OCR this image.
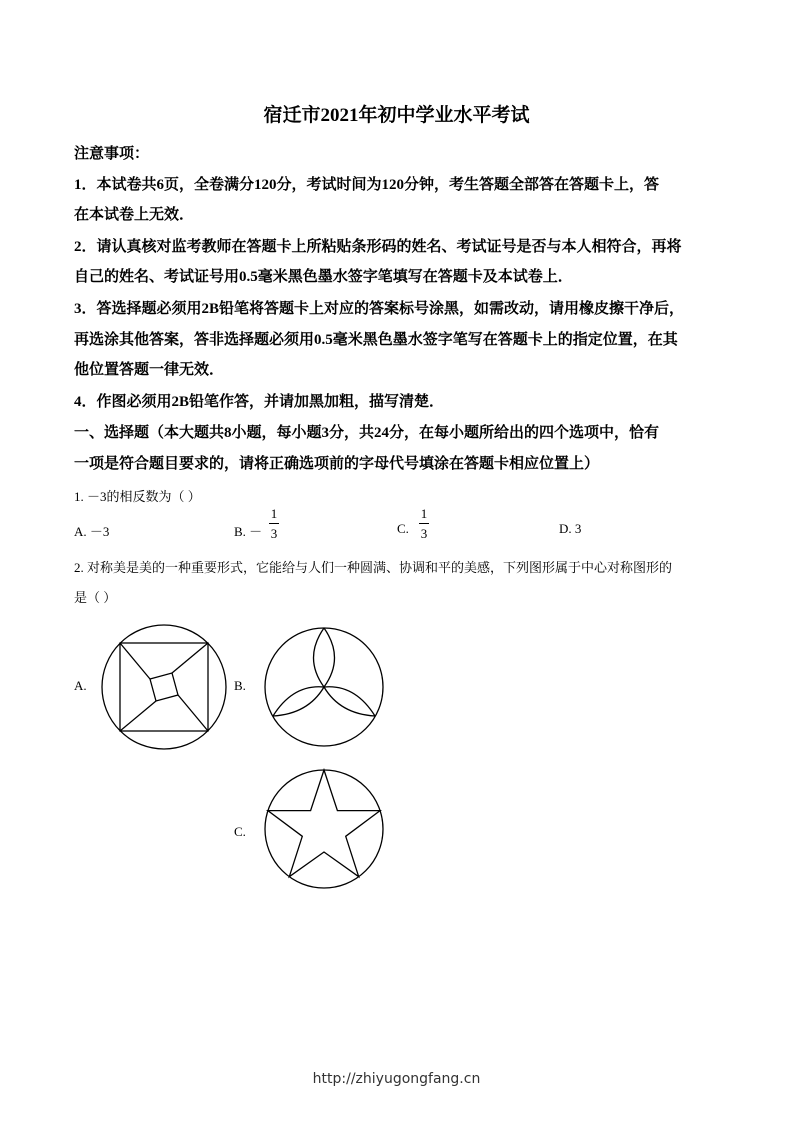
宿迁市2021年初中学业水平考试
注意事项：
1．本试卷共6页，全卷满分120分，考试时间为120分钟，考生答题全部答在答题卡上，答
在本试卷上无效．
2．请认真核对监考教师在答题卡上所粘贴条形码的姓名、考试证号是否与本人相符合，再将
自己的姓名、考试证号用0.5毫米黑色墨水签字笔填写在答题卡及本试卷上．
3．答选择题必须用2B铅笔将答题卡上对应的答案标号涂黑，如需改动，请用橡皮擦干净后，
再选涂其他答案，答非选择题必须用0.5毫米黑色墨水签字笔写在答题卡上的指定位置，在其
他位置答题一律无效．
4．作图必须用2B铅笔作答，并请加黑加粗，描写清楚．
一、选择题（本大题共8小题，每小题3分，共24分，在每小题所给出的四个选项中，恰有
一项是符合题目要求的，请将正确选项前的字母代号填涂在答题卡相应位置上）
1. －3的相反数为（ ）
A. －3	B. －
1
3	C.
1
3	D. 3
2. 对称美是美的一种重要形式，它能给与人们一种圆满、协调和平的美感，下列图形属于中心对称图形的
是（ ）
A.	B.
C.
http://zhiyugongfang.cn
